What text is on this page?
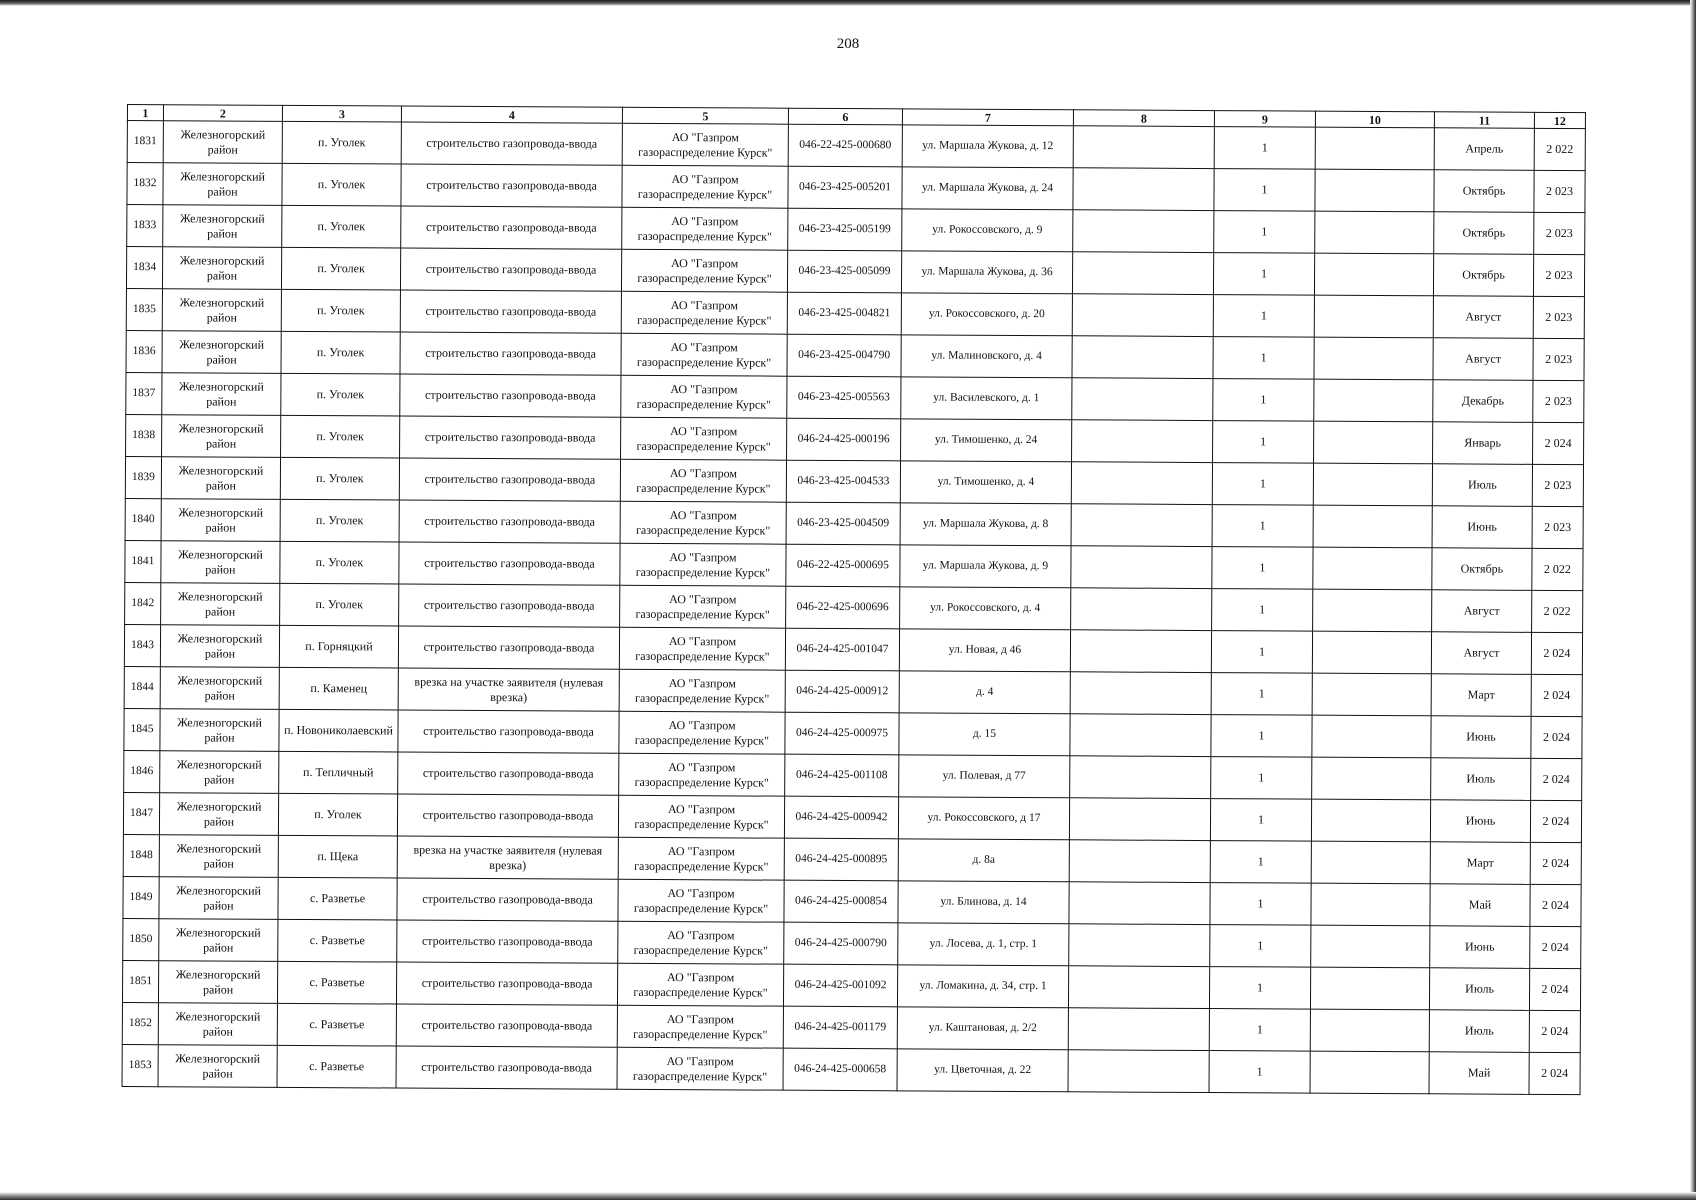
208
1	2	3	4	5	6	7	8	9	10	11	12
1831	Железногорский район	п. Уголек	строительство газопровода-ввода	АО "Газпром газораспределение Курск"	046-22-425-000680	ул. Маршала Жукова, д. 12		1		Апрель	2 022
1832	Железногорский район	п. Уголек	строительство газопровода-ввода	АО "Газпром газораспределение Курск"	046-23-425-005201	ул. Маршала Жукова, д. 24		1		Октябрь	2 023
1833	Железногорский район	п. Уголек	строительство газопровода-ввода	АО "Газпром газораспределение Курск"	046-23-425-005199	ул. Рокоссовского, д. 9		1		Октябрь	2 023
1834	Железногорский район	п. Уголек	строительство газопровода-ввода	АО "Газпром газораспределение Курск"	046-23-425-005099	ул. Маршала Жукова, д. 36		1		Октябрь	2 023
1835	Железногорский район	п. Уголек	строительство газопровода-ввода	АО "Газпром газораспределение Курск"	046-23-425-004821	ул. Рокоссовского, д. 20		1		Август	2 023
1836	Железногорский район	п. Уголек	строительство газопровода-ввода	АО "Газпром газораспределение Курск"	046-23-425-004790	ул. Малиновского, д. 4		1		Август	2 023
1837	Железногорский район	п. Уголек	строительство газопровода-ввода	АО "Газпром газораспределение Курск"	046-23-425-005563	ул. Василевского, д. 1		1		Декабрь	2 023
1838	Железногорский район	п. Уголек	строительство газопровода-ввода	АО "Газпром газораспределение Курск"	046-24-425-000196	ул. Тимошенко, д. 24		1		Январь	2 024
1839	Железногорский район	п. Уголек	строительство газопровода-ввода	АО "Газпром газораспределение Курск"	046-23-425-004533	ул. Тимошенко, д. 4		1		Июль	2 023
1840	Железногорский район	п. Уголек	строительство газопровода-ввода	АО "Газпром газораспределение Курск"	046-23-425-004509	ул. Маршала Жукова, д. 8		1		Июнь	2 023
1841	Железногорский район	п. Уголек	строительство газопровода-ввода	АО "Газпром газораспределение Курск"	046-22-425-000695	ул. Маршала Жукова, д. 9		1		Октябрь	2 022
1842	Железногорский район	п. Уголек	строительство газопровода-ввода	АО "Газпром газораспределение Курск"	046-22-425-000696	ул. Рокоссовского, д. 4		1		Август	2 022
1843	Железногорский район	п. Горняцкий	строительство газопровода-ввода	АО "Газпром газораспределение Курск"	046-24-425-001047	ул. Новая, д 46		1		Август	2 024
1844	Железногорский район	п. Каменец	врезка на участке заявителя (нулевая врезка)	АО "Газпром газораспределение Курск"	046-24-425-000912	д. 4		1		Март	2 024
1845	Железногорский район	п. Новониколаевский	строительство газопровода-ввода	АО "Газпром газораспределение Курск"	046-24-425-000975	д. 15		1		Июнь	2 024
1846	Железногорский район	п. Тепличный	строительство газопровода-ввода	АО "Газпром газораспределение Курск"	046-24-425-001108	ул. Полевая, д 77		1		Июль	2 024
1847	Железногорский район	п. Уголек	строительство газопровода-ввода	АО "Газпром газораспределение Курск"	046-24-425-000942	ул. Рокоссовского, д 17		1		Июнь	2 024
1848	Железногорский район	п. Щека	врезка на участке заявителя (нулевая врезка)	АО "Газпром газораспределение Курск"	046-24-425-000895	д. 8а		1		Март	2 024
1849	Железногорский район	с. Разветье	строительство газопровода-ввода	АО "Газпром газораспределение Курск"	046-24-425-000854	ул. Блинова, д. 14		1		Май	2 024
1850	Железногорский район	с. Разветье	строительство газопровода-ввода	АО "Газпром газораспределение Курск"	046-24-425-000790	ул. Лосева, д. 1, стр. 1		1		Июнь	2 024
1851	Железногорский район	с. Разветье	строительство газопровода-ввода	АО "Газпром газораспределение Курск"	046-24-425-001092	ул. Ломакина, д. 34, стр. 1		1		Июль	2 024
1852	Железногорский район	с. Разветье	строительство газопровода-ввода	АО "Газпром газораспределение Курск"	046-24-425-001179	ул. Каштановая, д. 2/2		1		Июль	2 024
1853	Железногорский район	с. Разветье	строительство газопровода-ввода	АО "Газпром газораспределение Курск"	046-24-425-000658	ул. Цветочная, д. 22		1		Май	2 024
